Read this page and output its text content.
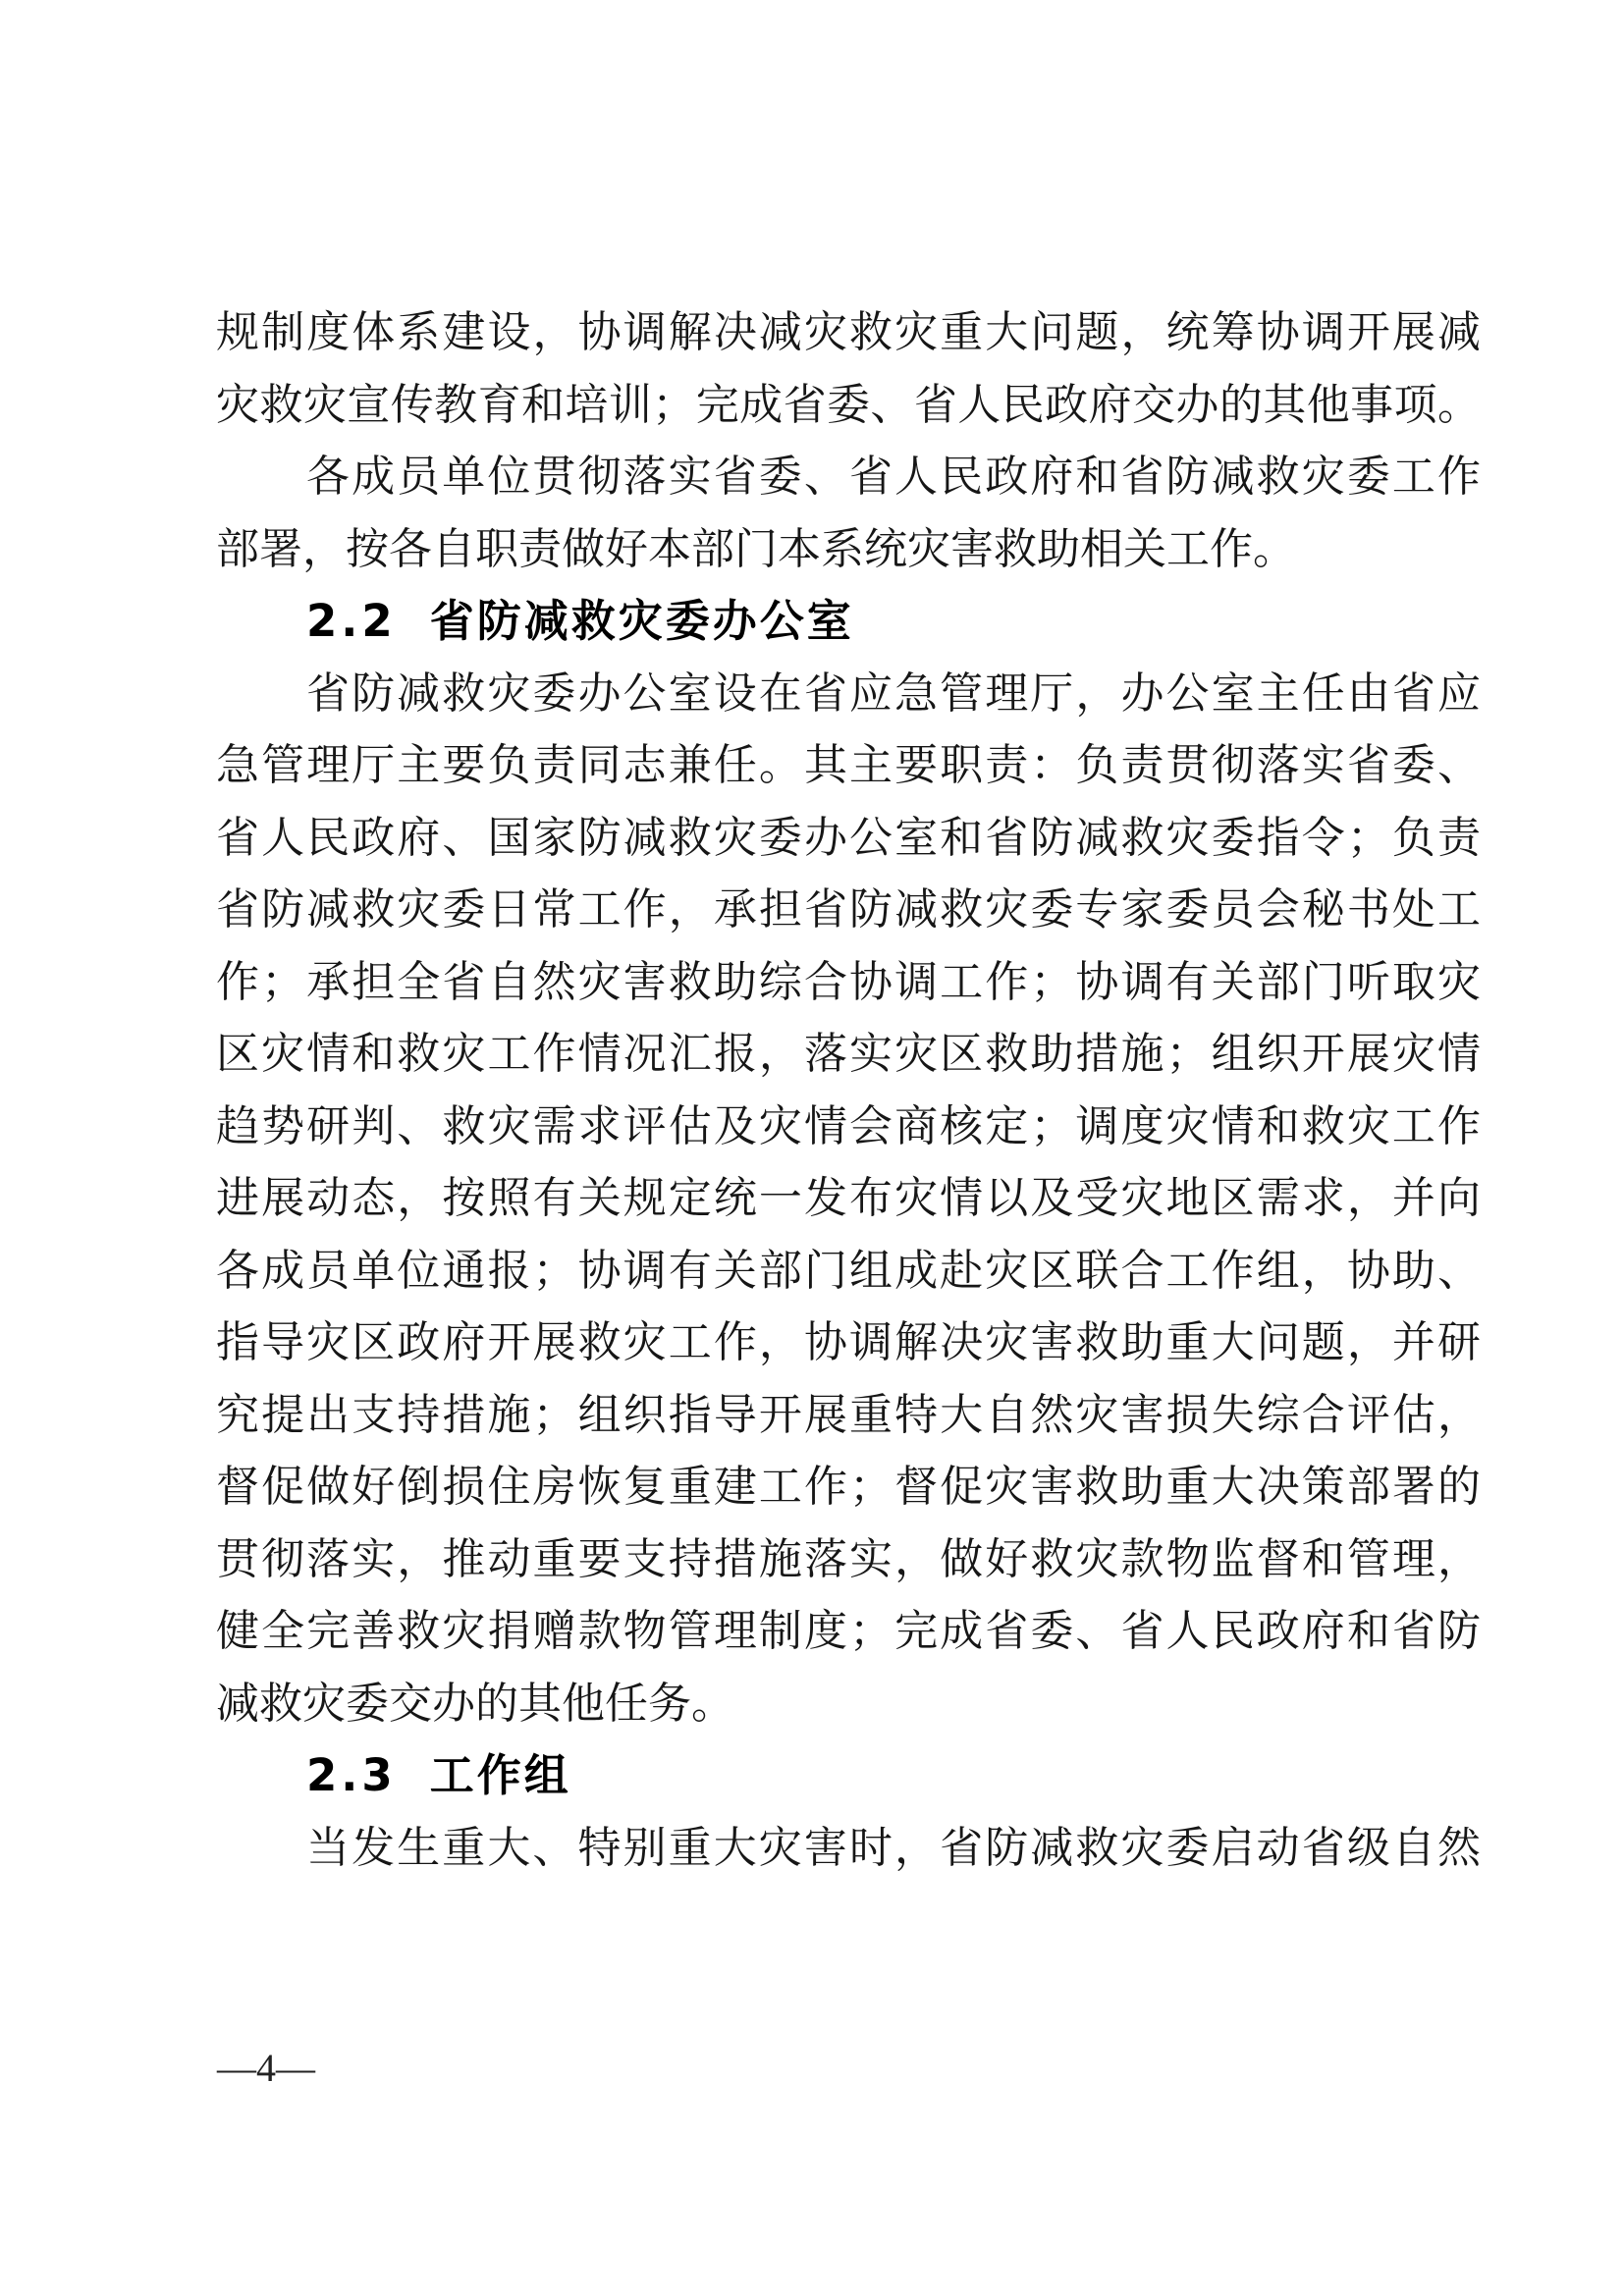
规制度体系建设，协调解决减灾救灾重大问题，统筹协调开展减
灾救灾宣传教育和培训；完成省委、省人民政府交办的其他事项。
各成员单位贯彻落实省委、省人民政府和省防减救灾委工作
部署，按各自职责做好本部门本系统灾害救助相关工作。
2.2 省防减救灾委办公室
省防减救灾委办公室设在省应急管理厅，办公室主任由省应
急管理厅主要负责同志兼任。其主要职责：负责贯彻落实省委、
省人民政府、国家防减救灾委办公室和省防减救灾委指令；负责
省防减救灾委日常工作，承担省防减救灾委专家委员会秘书处工
作；承担全省自然灾害救助综合协调工作；协调有关部门听取灾
区灾情和救灾工作情况汇报，落实灾区救助措施；组织开展灾情
趋势研判、救灾需求评估及灾情会商核定；调度灾情和救灾工作
进展动态，按照有关规定统一发布灾情以及受灾地区需求，并向
各成员单位通报；协调有关部门组成赴灾区联合工作组，协助、
指导灾区政府开展救灾工作，协调解决灾害救助重大问题，并研
究提出支持措施；组织指导开展重特大自然灾害损失综合评估，
督促做好倒损住房恢复重建工作；督促灾害救助重大决策部署的
贯彻落实，推动重要支持措施落实，做好救灾款物监督和管理，
健全完善救灾捐赠款物管理制度；完成省委、省人民政府和省防
减救灾委交办的其他任务。
2.3 工作组
当发生重大、特别重大灾害时，省防减救灾委启动省级自然
—4—
